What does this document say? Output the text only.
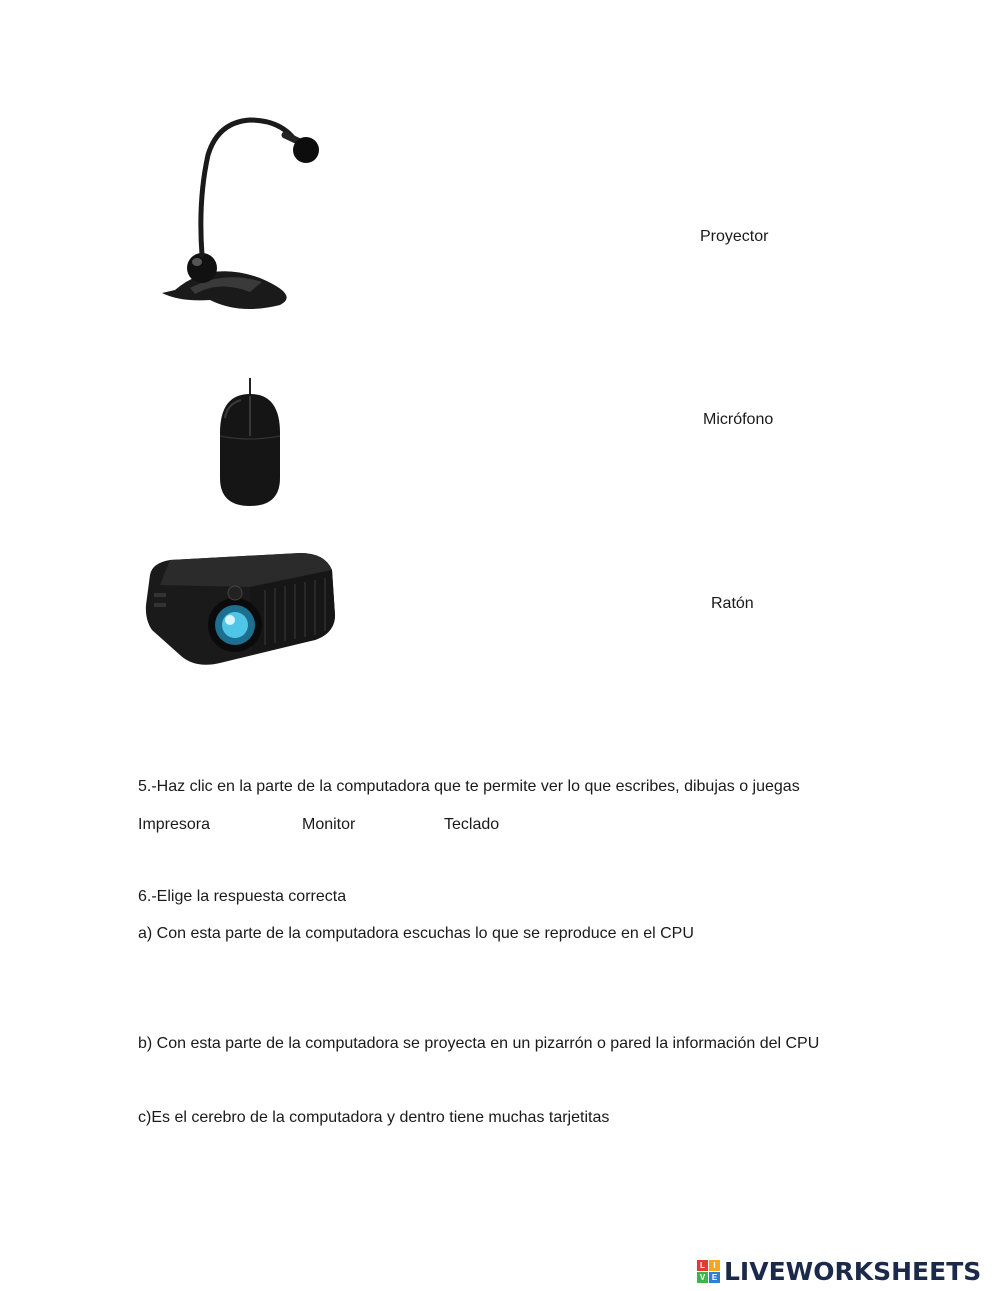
Proyector
Micrófono
Ratón
5.-Haz clic en la parte de la computadora que te permite ver lo que escribes, dibujas o juegas
Impresora	Monitor	Teclado
6.-Elige la respuesta correcta
a) Con esta parte de la computadora escuchas lo que se reproduce en el CPU
b) Con esta parte de la computadora se proyecta en un pizarrón o pared la información del CPU
c)Es el cerebro de la computadora y dentro tiene muchas tarjetitas
L	I
V E LIVEWORKSHEETS
